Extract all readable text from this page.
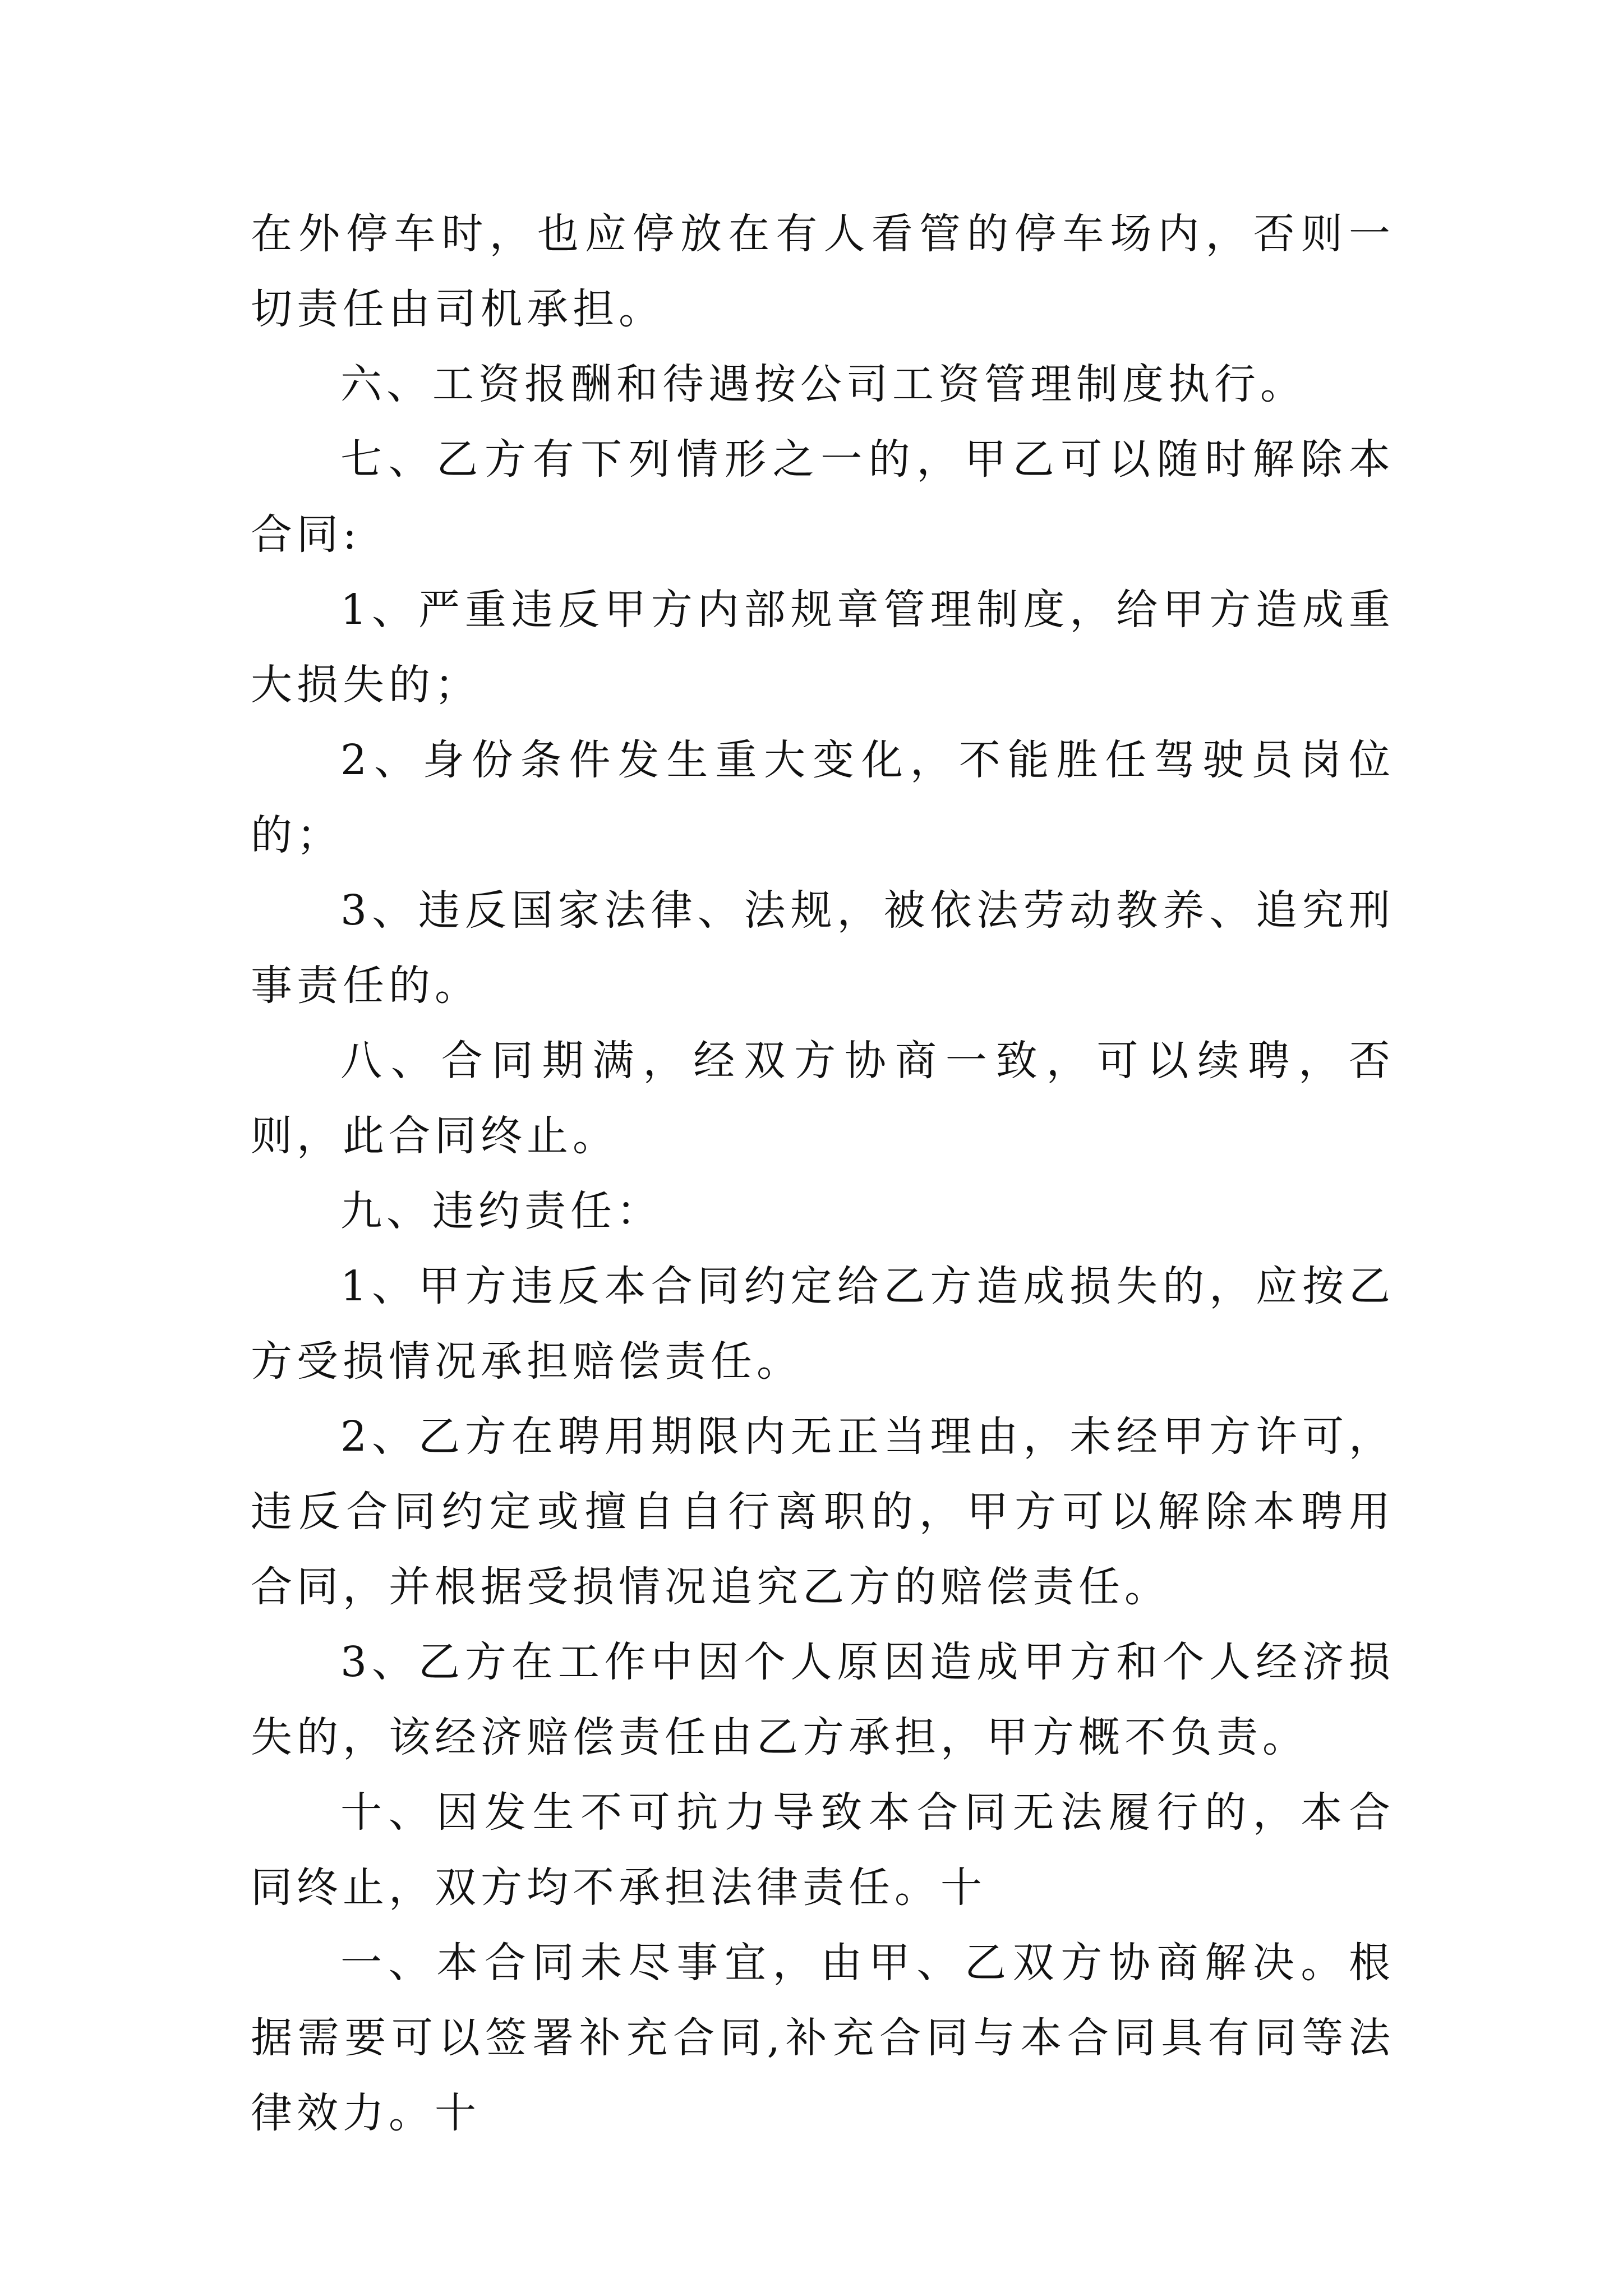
在外停车时，也应停放在有人看管的停车场内，否则一切责任由司机承担。

六、工资报酬和待遇按公司工资管理制度执行。

七、乙方有下列情形之一的，甲乙可以随时解除本合同:

1、严重违反甲方内部规章管理制度，给甲方造成重大损失的；

2、身份条件发生重大变化，不能胜任驾驶员岗位的；

3、违反国家法律、法规，被依法劳动教养、追究刑事责任的。

八、合同期满，经双方协商一致，可以续聘，否则，此合同终止。

九、违约责任：

1、甲方违反本合同约定给乙方造成损失的，应按乙方受损情况承担赔偿责任。

2、乙方在聘用期限内无正当理由，未经甲方许可，违反合同约定或擅自自行离职的，甲方可以解除本聘用合同，并根据受损情况追究乙方的赔偿责任。

3、乙方在工作中因个人原因造成甲方和个人经济损失的，该经济赔偿责任由乙方承担，甲方概不负责。

十、因发生不可抗力导致本合同无法履行的，本合同终止，双方均不承担法律责任。十

一、本合同未尽事宜，由甲、乙双方协商解决。根据需要可以签署补充合同,补充合同与本合同具有同等法律效力。十
